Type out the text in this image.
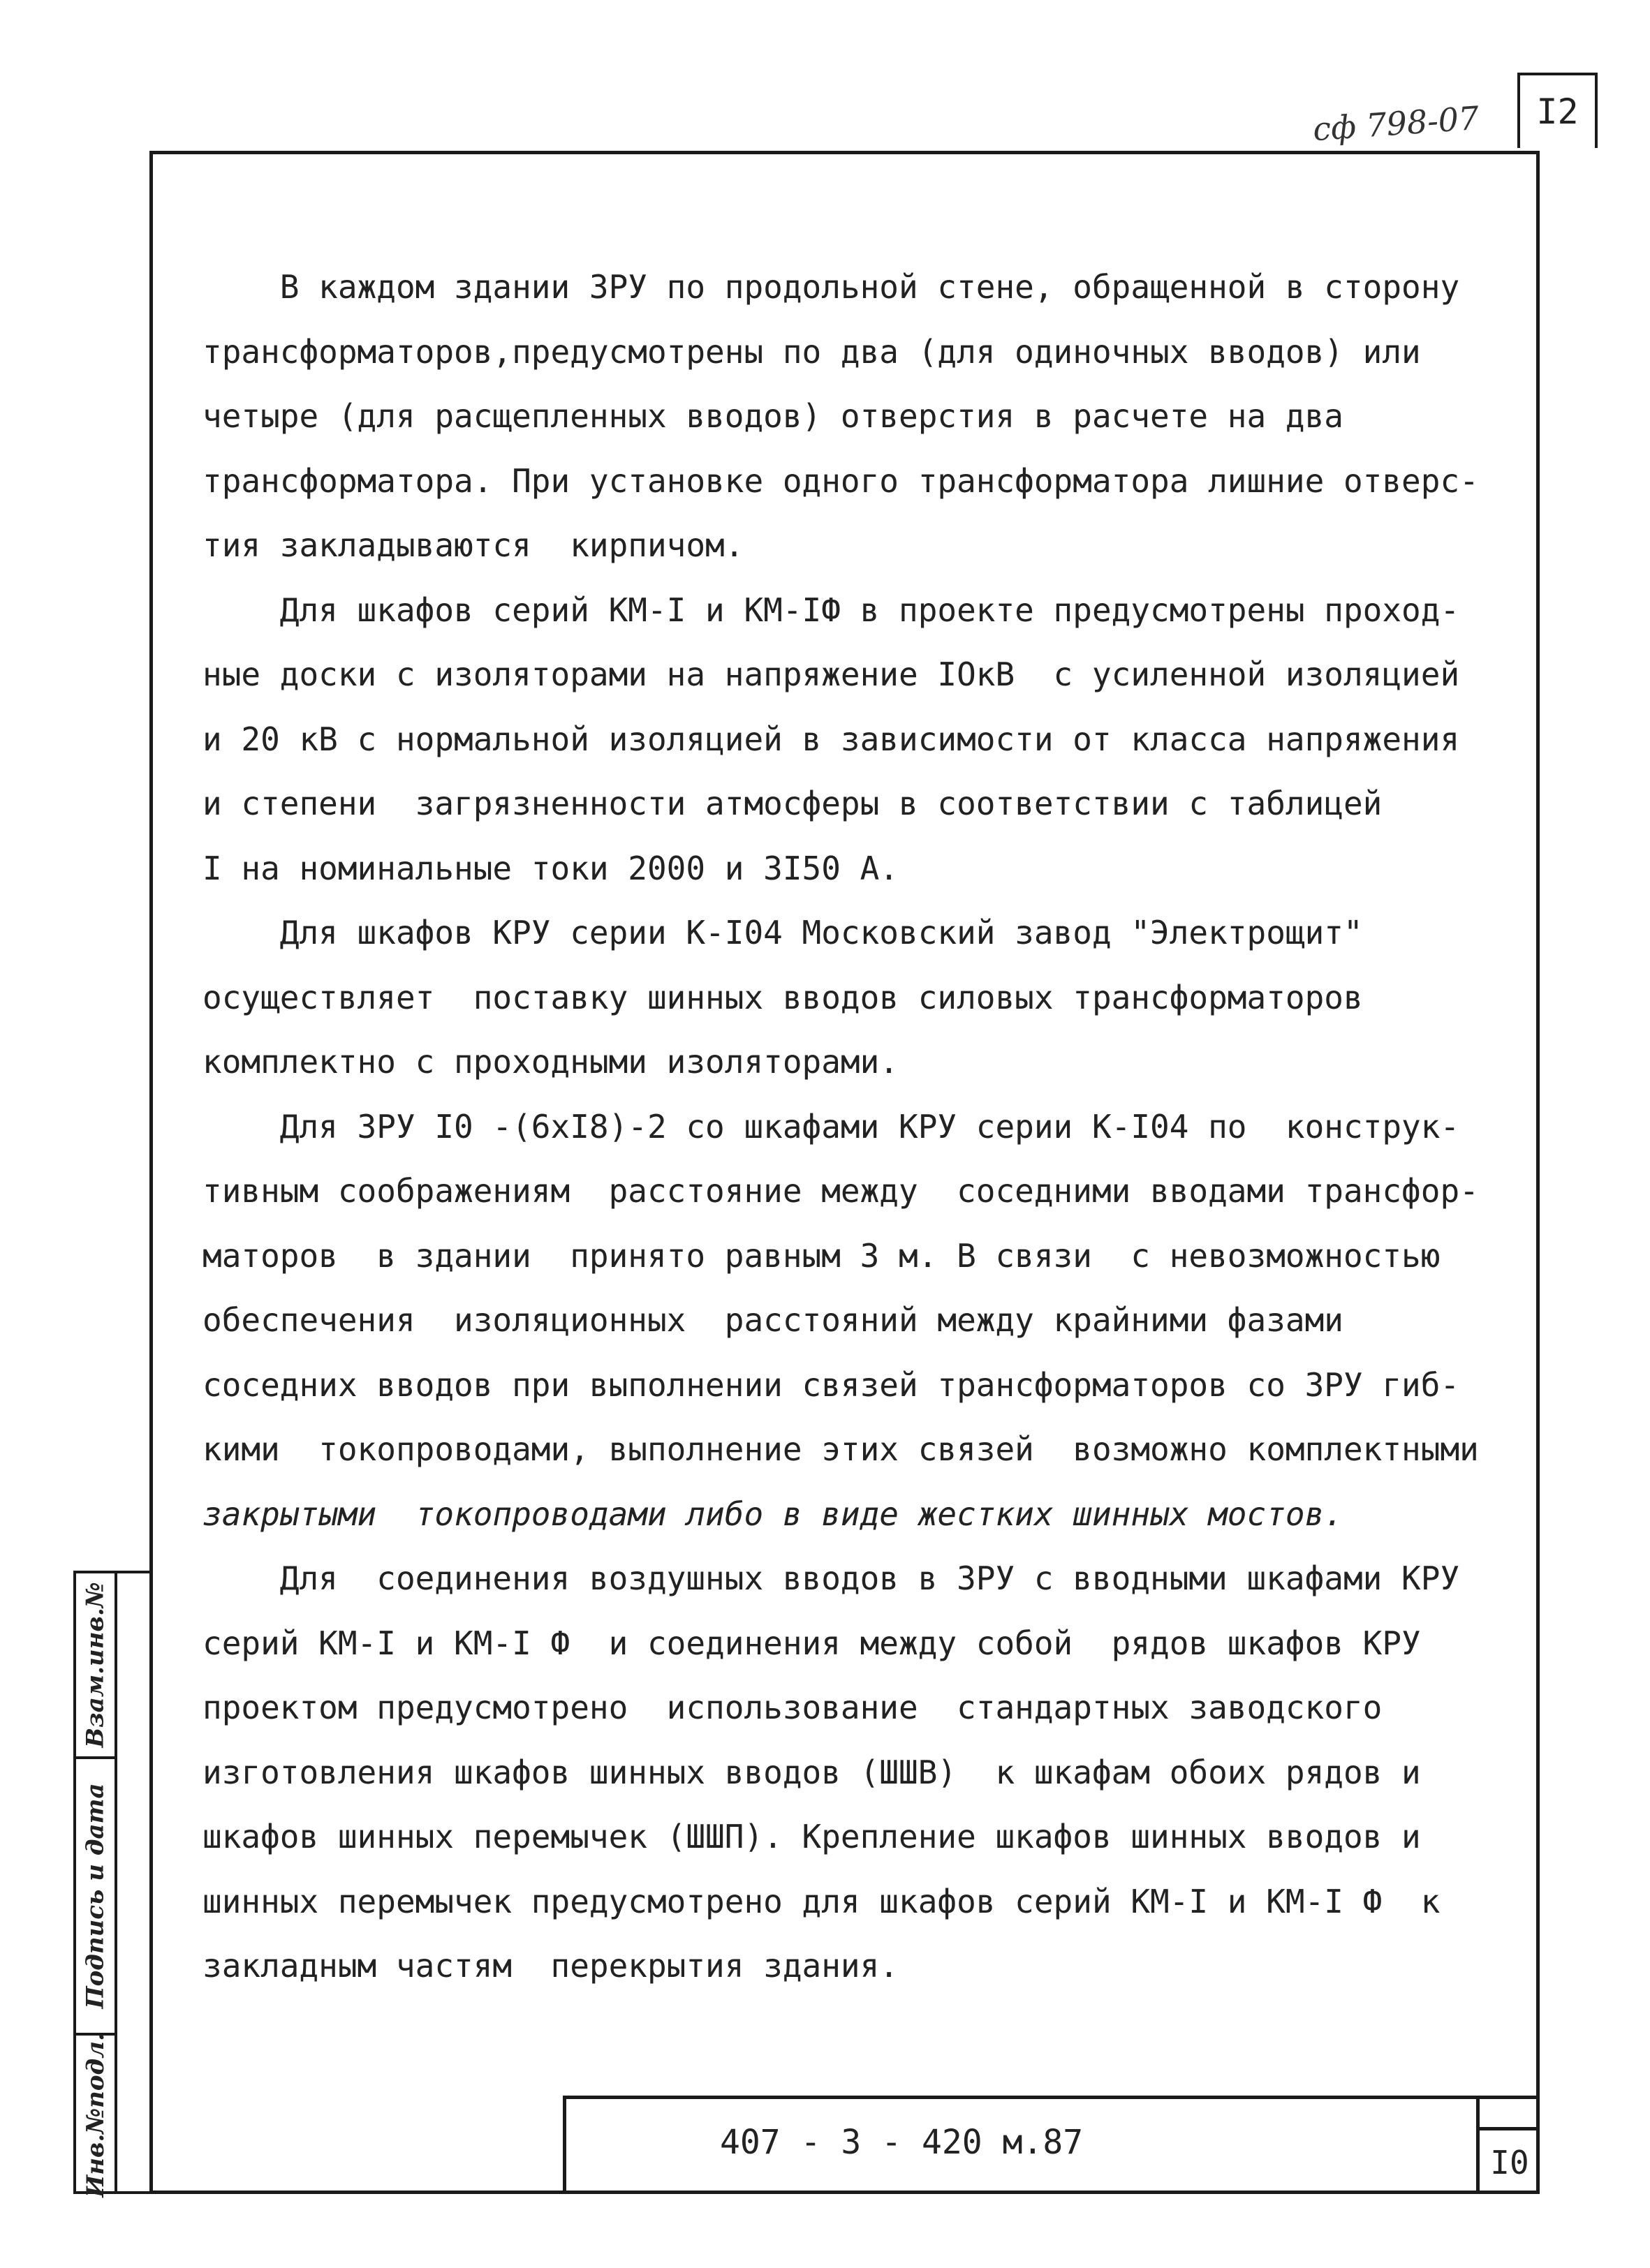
сф 798-07 I2
В каждом здании ЗРУ по продольной стене, обращенной в сторону
трансформаторов,предусмотрены по два (для одиночных вводов) или
четыре (для расщепленных вводов) отверстия в расчете на два
трансформатора. При установке одного трансформатора лишние отверс-
тия закладываются  кирпичом.
Для шкафов серий КМ-I и КМ-IФ в проекте предусмотрены проход-
ные доски с изоляторами на напряжение IОкВ  с усиленной изоляцией
и 20 кВ с нормальной изоляцией в зависимости от класса напряжения
и степени  загрязненности атмосферы в соответствии с таблицей
I на номинальные токи 2000 и 3I50 А.
Для шкафов КРУ серии К-I04 Московский завод "Электрощит"
осуществляет  поставку шинных вводов силовых трансформаторов
комплектно с проходными изоляторами.
Для ЗРУ I0 -(6хI8)-2 со шкафами КРУ серии К-I04 по  конструк-
тивным соображениям  расстояние между  соседними вводами трансфор-
маторов  в здании  принято равным 3 м. В связи  с невозможностью
обеспечения  изоляционных  расстояний между крайними фазами
соседних вводов при выполнении связей трансформаторов со ЗРУ гиб-
кими  токопроводами, выполнение этих связей  возможно комплектными
закрытыми  токопроводами либо в виде жестких шинных мостов.
Для  соединения воздушных вводов в ЗРУ с вводными шкафами КРУ
серий КМ-I и КМ-I Ф  и соединения между собой  рядов шкафов КРУ
проектом предусмотрено  использование  стандартных заводского
изготовления шкафов шинных вводов (ШШВ)  к шкафам обоих рядов и
шкафов шинных перемычек (ШШП). Крепление шкафов шинных вводов и
шинных перемычек предусмотрено для шкафов серий КМ-I и КМ-I Ф  к
закладным частям  перекрытия здания.
Взам.инв.№
Подпись и дата
Инв.№подл.	407 - 3 - 420 м.87
I0
